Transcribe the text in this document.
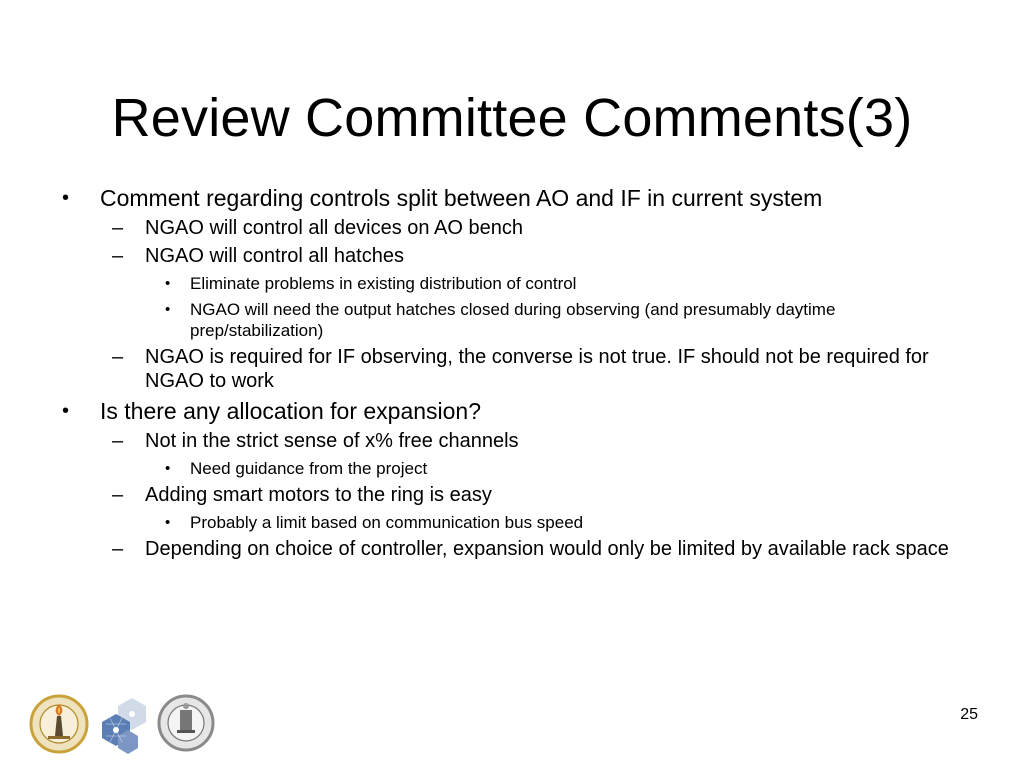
Review Committee Comments(3)
• Comment regarding controls split between AO and IF in current system
– NGAO will control all devices on AO bench
– NGAO will control all hatches
• Eliminate problems in existing distribution of control
• NGAO will need the output hatches closed during observing (and presumably daytime prep/stabilization)
– NGAO is required for IF observing, the converse is not true. IF should not be required for NGAO to work
• Is there any allocation for expansion?
– Not in the strict sense of x% free channels
• Need guidance from the project
– Adding smart motors to the ring is easy
• Probably a limit based on communication bus speed
– Depending on choice of controller, expansion would only be limited by available rack space
25
